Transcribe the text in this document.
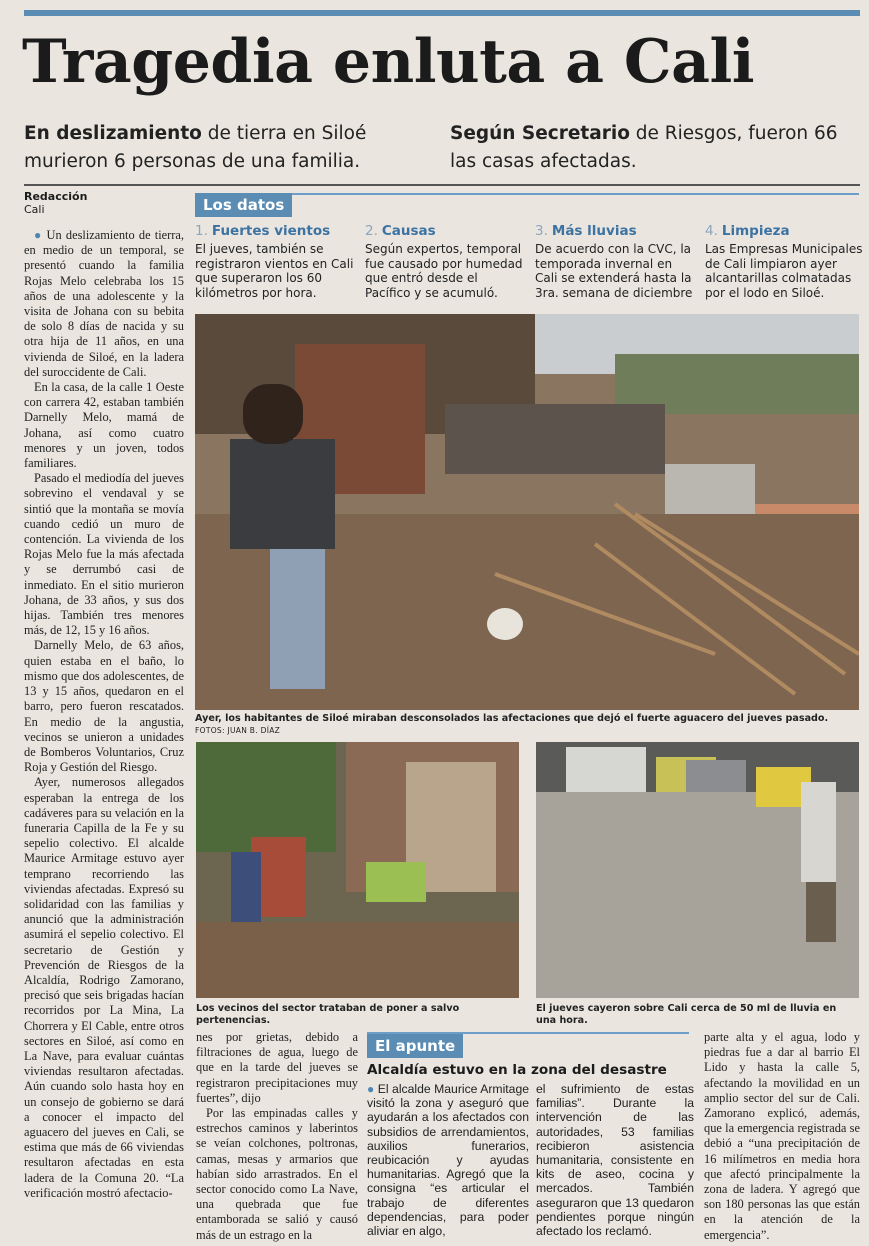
Tragedia enluta a Cali
En deslizamiento de tierra en Siloé murieron 6 personas de una familia.
Según Secretario de Riesgos, fueron 66 las casas afectadas.
Redacción
Cali

● Un deslizamiento de tierra, en medio de un temporal, se presentó cuando la familia Rojas Melo celebraba los 15 años de una adolescente y la visita de Johana con su bebita de solo 8 días de nacida y su otra hija de 11 años, en una vivienda de Siloé, en la ladera del suroccidente de Cali.

En la casa, de la calle 1 Oeste con carrera 42, estaban también Darnelly Melo, mamá de Johana, así como cuatro menores y un joven, todos familiares.

Pasado el mediodía del jueves sobrevino el vendaval y se sintió que la montaña se movía cuando cedió un muro de contención. La vivienda de los Rojas Melo fue la más afectada y se derrumbó casi de inmediato. En el sitio murieron Johana, de 33 años, y sus dos hijas. También tres menores más, de 12, 15 y 16 años.

Darnelly Melo, de 63 años, quien estaba en el baño, lo mismo que dos adolescentes, de 13 y 15 años, quedaron en el barro, pero fueron rescatados. En medio de la angustia, vecinos se unieron a unidades de Bomberos Voluntarios, Cruz Roja y Gestión del Riesgo.

Ayer, numerosos allegados esperaban la entrega de los cadáveres para su velación en la funeraria Capilla de la Fe y su sepelio colectivo. El alcalde Maurice Armitage estuvo ayer temprano recorriendo las viviendas afectadas. Expresó su solidaridad con las familias y anunció que la administración asumirá el sepelio colectivo. El secretario de Gestión y Prevención de Riesgos de la Alcaldía, Rodrigo Zamorano, precisó que seis brigadas hacían recorridos por La Mina, La Chorrera y El Cable, entre otros sectores en Siloé, así como en La Nave, para evaluar cuántas viviendas resultaron afectadas. Aún cuando solo hasta hoy en un consejo de gobierno se dará a conocer el impacto del aguacero del jueves en Cali, se estima que más de 66 viviendas resultaron afectadas en esta ladera de la Comuna 20. “La verificación mostró afectacio-

Los datos
1. Fuertes vientos
El jueves, también se registraron vientos en Cali que superaron los 60 kilómetros por hora.
2. Causas
Según expertos, temporal fue causado por humedad que entró desde el Pacífico y se acumuló.
3. Más lluvias
De acuerdo con la CVC, la temporada invernal en Cali se extenderá hasta la 3ra. semana de diciembre
4. Limpieza
Las Empresas Municipales de Cali limpiaron ayer alcantarillas colmatadas por el lodo en Siloé.
Ayer, los habitantes de Siloé miraban desconsolados las afectaciones que dejó el fuerte aguacero del jueves pasado. FOTOS: JUAN B. DÍAZ
Los vecinos del sector trataban de poner a salvo pertenencias.
El jueves cayeron sobre Cali cerca de 50 ml de lluvia en una hora.

nes por grietas, debido a filtraciones de agua, luego de que en la tarde del jueves se registraron precipitaciones muy fuertes”, dijo

Por las empinadas calles y estrechos caminos y laberintos se veían colchones, poltronas, camas, mesas y armarios que habían sido arrastrados. En el sector conocido como La Nave, una quebrada que fue entamborada se salió y causó más de un estrago en la

El apunte
Alcaldía estuvo en la zona del desastre
● El alcalde Maurice Armitage visitó la zona y aseguró que ayudarán a los afectados con subsidios de arrendamientos, auxilios funerarios, reubicación y ayudas humanitarias. Agregó que la consigna “es articular el trabajo de diferentes dependencias, para poder aliviar en algo,
el sufrimiento de estas familias”. Durante la intervención de las autoridades, 53 familias recibieron asistencia humanitaria, consistente en kits de aseo, cocina y mercados. También aseguraron que 13 quedaron pendientes porque ningún afectado los reclamó.
parte alta y el agua, lodo y piedras fue a dar al barrio El Lido y hasta la calle 5, afectando la movilidad en un amplio sector del sur de Cali. Zamorano explicó, además, que la emergencia registrada se debió a “una precipitación de 16 milímetros en media hora que afectó principalmente la zona de ladera. Y agregó que son 180 personas las que están en la atención de la emergencia”.
